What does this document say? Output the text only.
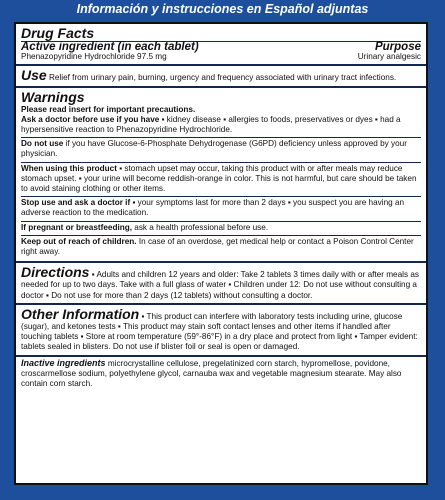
Información y instrucciones en Español adjuntas
Drug Facts
Active ingredient (in each tablet)	Purpose
Phenazopyridine Hydrochloride 97.5 mg	Urinary analgesic
Use Relief from urinary pain, burning, urgency and frequency associated with urinary tract infections.
Warnings
Please read insert for important precautions.
Ask a doctor before use if you have ▪ kidney disease ▪ allergies to foods, preservatives or dyes ▪ had a hypersensitive reaction to Phenazopyridine Hydrochloride.
Do not use if you have Glucose-6-Phosphate Dehydrogenase (G6PD) deficiency unless approved by your physician.
When using this product ▪ stomach upset may occur, taking this product with or after meals may reduce stomach upset. ▪ your urine will become reddish-orange in color. This is not harmful, but care should be taken to avoid staining clothing or other items.
Stop use and ask a doctor if ▪ your symptoms last for more than 2 days ▪ you suspect you are having an adverse reaction to the medication.
If pregnant or breastfeeding, ask a health professional before use.
Keep out of reach of children. In case of an overdose, get medical help or contact a Poison Control Center right away.
Directions ▪ Adults and children 12 years and older: Take 2 tablets 3 times daily with or after meals as needed for up to two days. Take with a full glass of water ▪ Children under 12: Do not use without consulting a doctor ▪ Do not use for more than 2 days (12 tablets) without consulting a doctor.
Other Information ▪ This product can interfere with laboratory tests including urine, glucose (sugar), and ketones tests ▪ This product may stain soft contact lenses and other items if handled after touching tablets ▪ Store at room temperature (59°-86°F) in a dry place and protect from light ▪ Tamper evident: tablets sealed in blisters. Do not use if blister foil or seal is open or damaged.
Inactive ingredients microcrystalline cellulose, pregelatinized corn starch, hypromellose, povidone, croscarmellose sodium, polyethylene glycol, carnauba wax and vegetable magnesium stearate. May also contain corn starch.
